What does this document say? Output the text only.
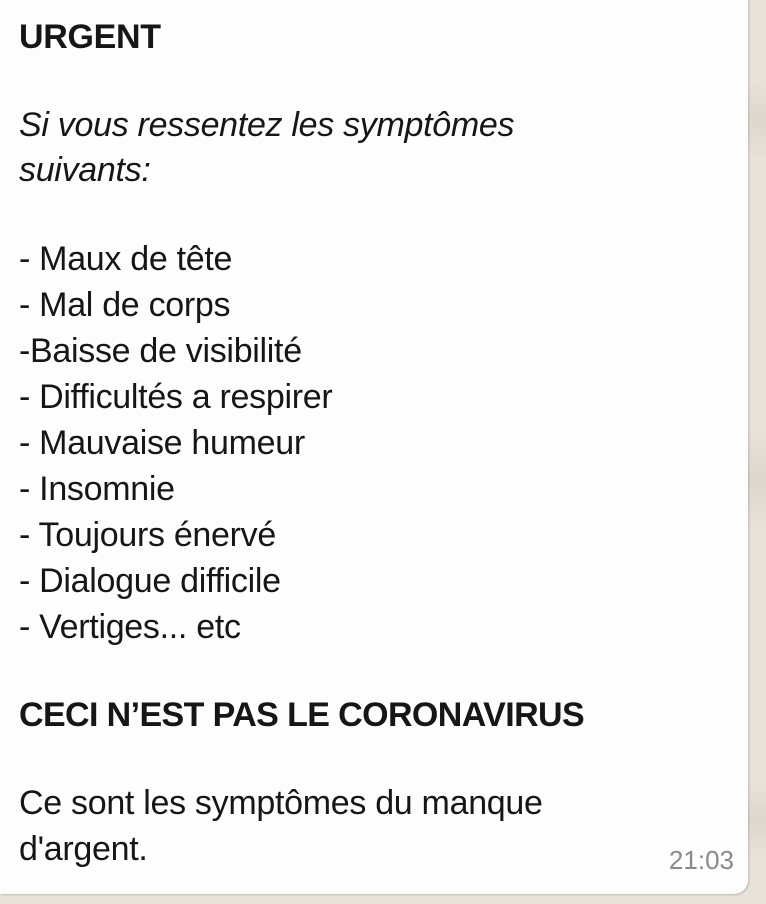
URGENT
Si vous ressentez les symptômes
suivants:
- Maux de tête
- Mal de corps
-Baisse de visibilité
- Difficultés a respirer
- Mauvaise humeur
- Insomnie
- Toujours énervé
- Dialogue difficile
- Vertiges... etc
CECI N’EST PAS LE CORONAVIRUS
Ce sont les symptômes du manque
d'argent.	21:03
